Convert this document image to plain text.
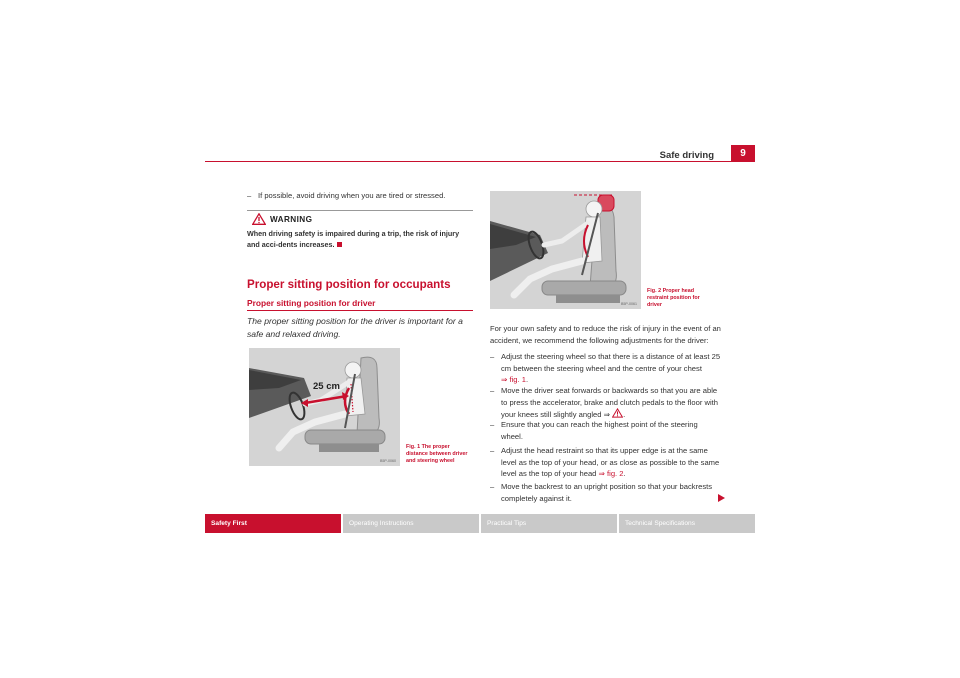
Safe driving	9
– If possible, avoid driving when you are tired or stressed.
WARNING
When driving safety is impaired during a trip, the risk of injury and acci-dents increases.
Proper sitting position for occupants
Proper sitting position for driver
The proper sitting position for the driver is important for a safe and relaxed driving.
25 cm
B5P-0060
Fig. 1 The proper
distance between driver
and steering wheel
B5P-0061
Fig. 2 Proper head
restraint position for
driver
For your own safety and to reduce the risk of injury in the event of an
accident, we recommend the following adjustments for the driver:
– Adjust the steering wheel so that there is a distance of at least 25
cm between the steering wheel and the centre of your chest
⇒ fig. 1.
– Move the driver seat forwards or backwards so that you are able
to press the accelerator, brake and clutch pedals to the floor with
your knees still slightly angled ⇒ .
– Ensure that you can reach the highest point of the steering
wheel.
– Adjust the head restraint so that its upper edge is at the same
level as the top of your head, or as close as possible to the same
level as the top of your head ⇒ fig. 2.
– Move the backrest to an upright position so that your backrests
completely against it.
Safety First	Operating Instructions	Practical Tips	Technical Specifications
